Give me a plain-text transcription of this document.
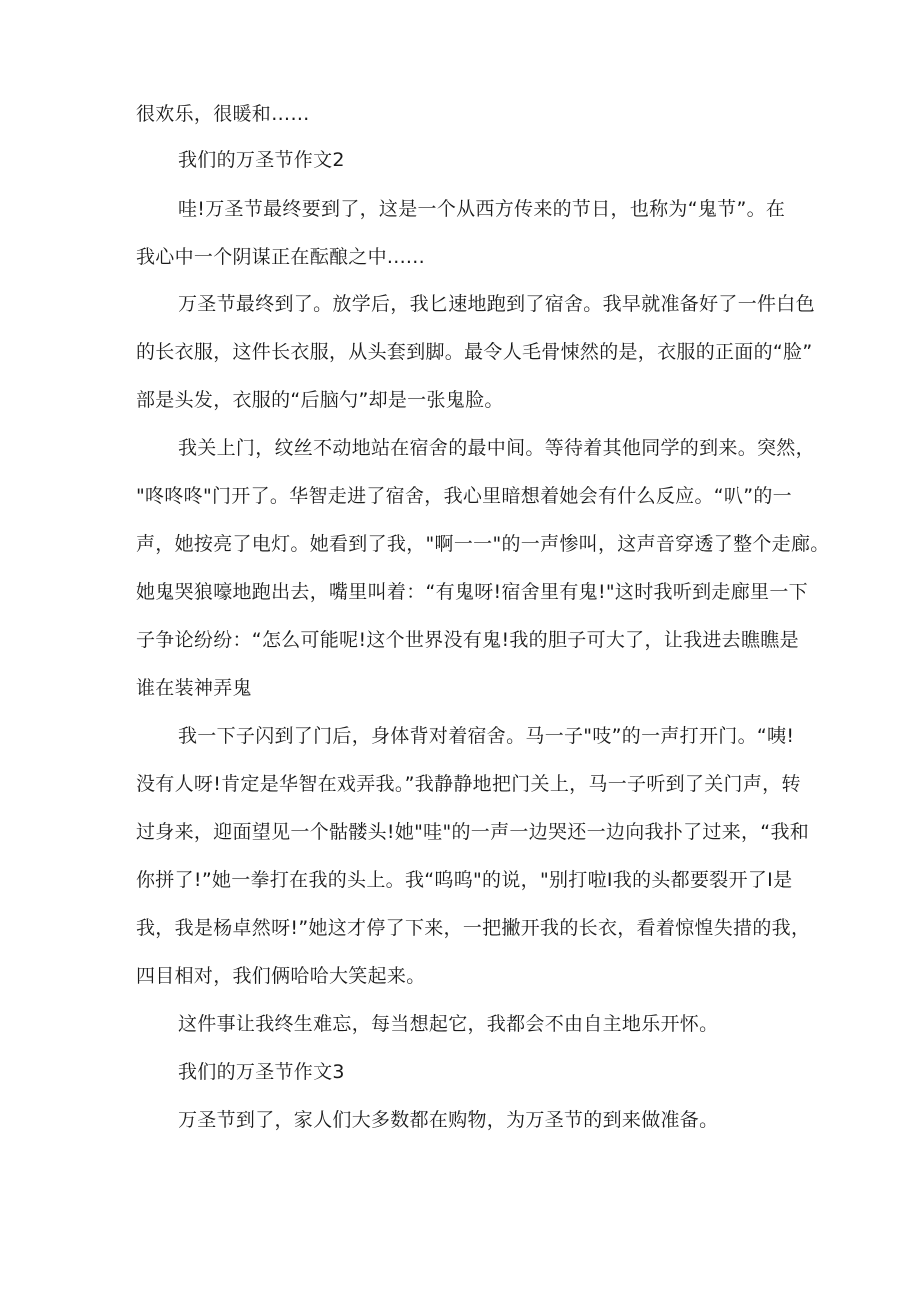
很欢乐，很暖和……
我们的万圣节作文2
哇!万圣节最终要到了，这是一个从西方传来的节日，也称为“鬼节”。在
我心中一个阴谋正在酝酿之中......
万圣节最终到了。放学后，我匕速地跑到了宿舍。我早就准备好了一件白色
的长衣服，这件长衣服，从头套到脚。最令人毛骨悚然的是，衣服的正面的“脸”
部是头发，衣服的“后脑勺”却是一张鬼脸。
我关上门，纹丝不动地站在宿舍的最中间。等待着其他同学的到来。突然，
"咚咚咚"门开了。华智走进了宿舍，我心里暗想着她会有什么反应。“叭”的一
声，她按亮了电灯。她看到了我，"啊一一"的一声惨叫，这声音穿透了整个走廊。
她鬼哭狼嚎地跑出去，嘴里叫着：“有鬼呀!宿舍里有鬼!"这时我听到走廊里一下
子争论纷纷：“怎么可能呢!这个世界没有鬼!我的胆子可大了，让我进去瞧瞧是
谁在装神弄鬼
我一下子闪到了门后，身体背对着宿舍。马一子"吱”的一声打开门。“咦!
没有人呀!肯定是华智在戏弄我。”我静静地把门关上，马一子听到了关门声，转
过身来，迎面望见一个骷髅头!她"哇"的一声一边哭还一边向我扑了过来，“我和
你拼了!”她一拳打在我的头上。我“呜呜"的说，"别打啦I我的头都要裂开了I是
我，我是杨卓然呀!”她这才停了下来，一把撇开我的长衣，看着惊惶失措的我，
四目相对，我们俩哈哈大笑起来。
这件事让我终生难忘，每当想起它，我都会不由自主地乐开怀。
我们的万圣节作文3
万圣节到了，家人们大多数都在购物，为万圣节的到来做准备。
